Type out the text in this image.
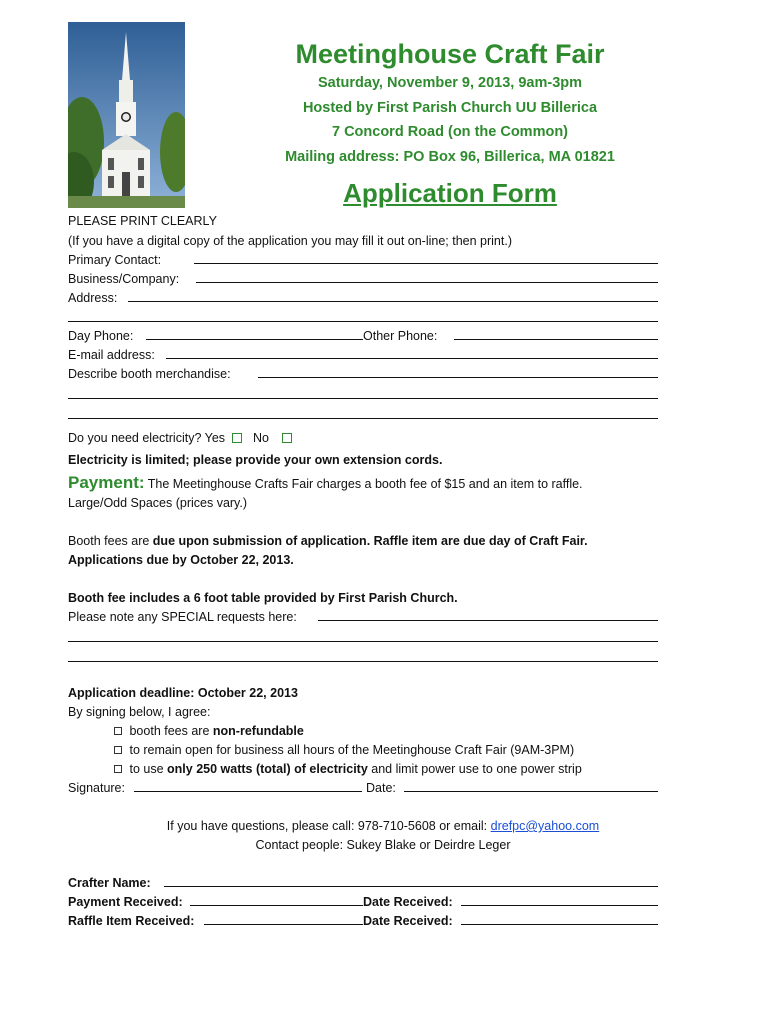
Meetinghouse Craft Fair
Saturday, November 9, 2013, 9am-3pm
Hosted by First Parish Church UU Billerica
7 Concord Road (on the Common)
Mailing address: PO Box 96, Billerica, MA 01821
Application Form
PLEASE PRINT CLEARLY
(If you have a digital copy of the application you may fill it out on-line; then print.)
Primary Contact:
Business/Company:
Address:
Day Phone:	Other Phone:
E-mail address:
Describe booth merchandise:
Do you need electricity? Yes No
Electricity is limited; please provide your own extension cords.
Payment: The Meetinghouse Crafts Fair charges a booth fee of $15 and an item to raffle.
Large/Odd Spaces (prices vary.)
Booth fees are due upon submission of application. Raffle item are due day of Craft Fair.
Applications due by October 22, 2013.
Booth fee includes a 6 foot table provided by First Parish Church.
Please note any SPECIAL requests here:
Application deadline: October 22, 2013
By signing below, I agree:
booth fees are non-refundable
to remain open for business all hours of the Meetinghouse Craft Fair (9AM-3PM)
to use only 250 watts (total) of electricity and limit power use to one power strip
Signature:	Date:
If you have questions, please call: 978-710-5608 or email: drefpc@yahoo.com
Contact people: Sukey Blake or Deirdre Leger
Crafter Name:
Payment Received:	Date Received:
Raffle Item Received:	Date Received:
